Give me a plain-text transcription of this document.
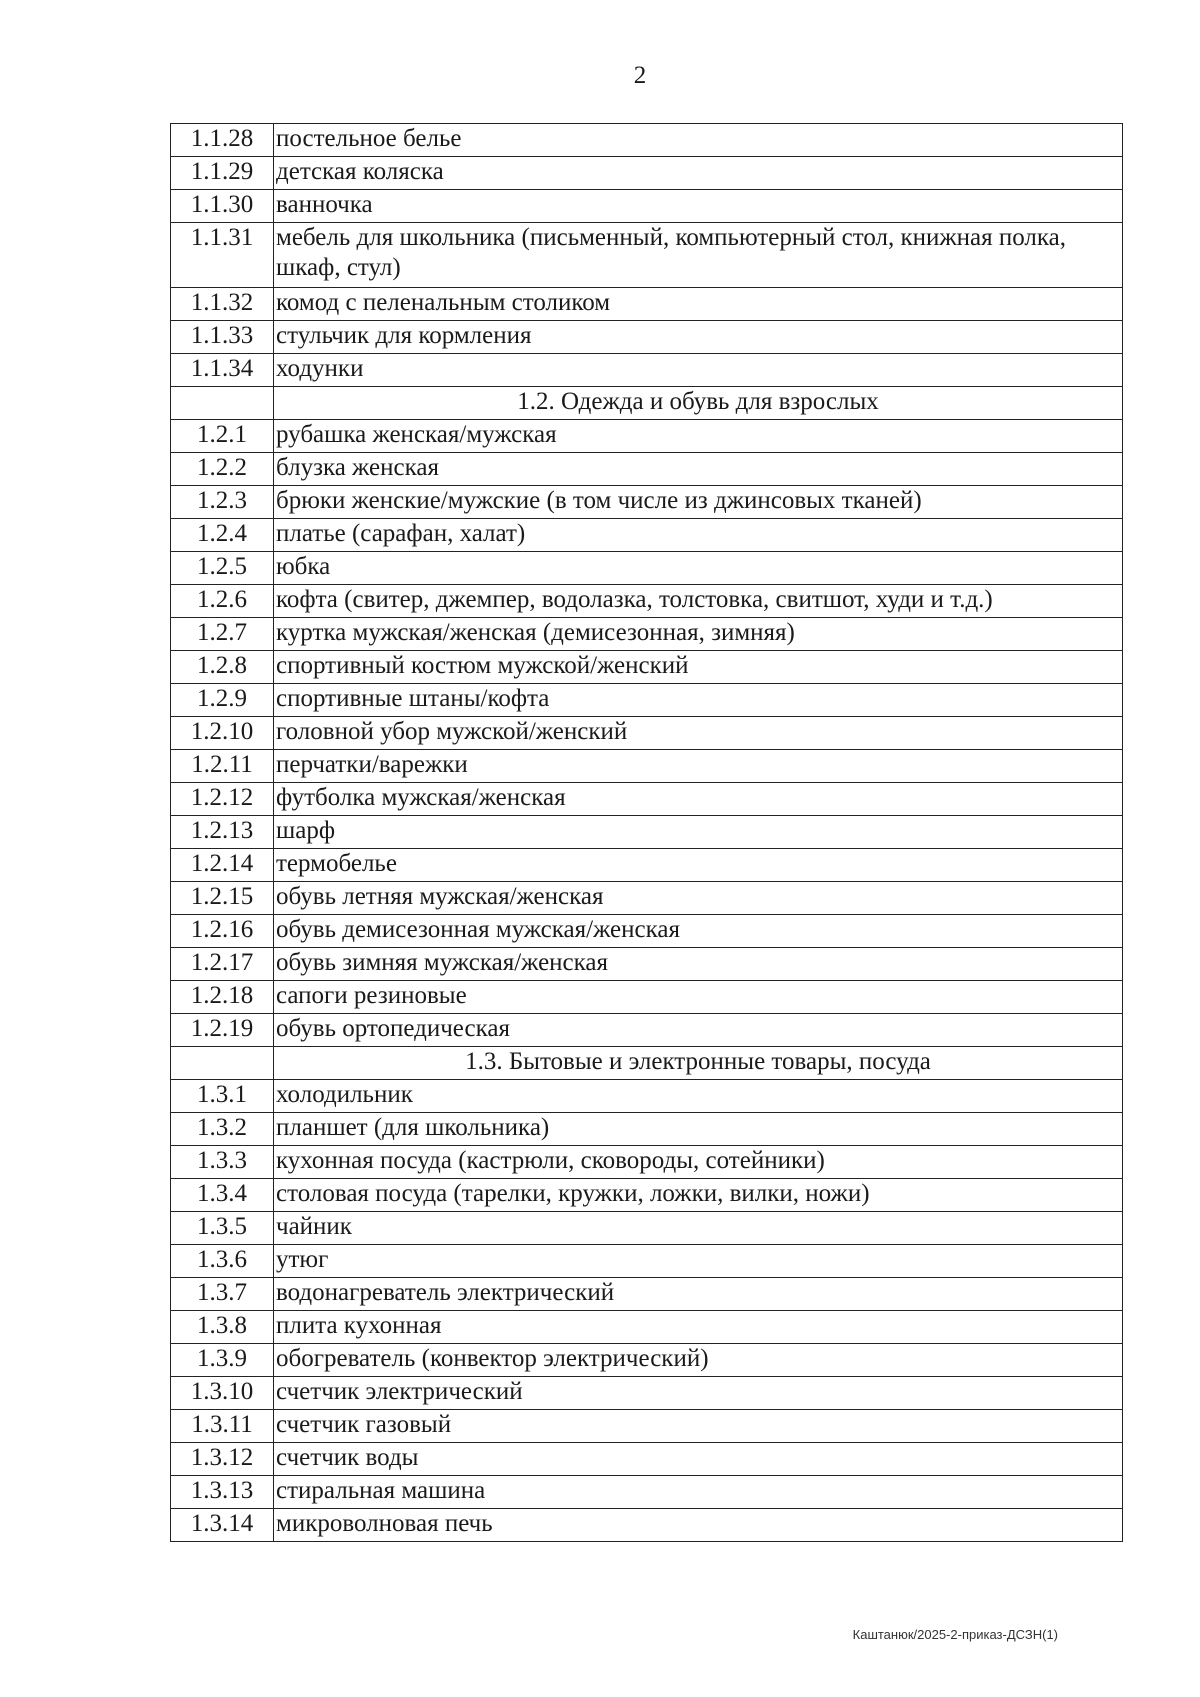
2
1.1.28	постельное белье
1.1.29	детская коляска
1.1.30	ванночка
1.1.31	мебель для школьника (письменный, компьютерный стол, книжная полка, шкаф, стул)
1.1.32	комод с пеленальным столиком
1.1.33	стульчик для кормления
1.1.34	ходунки
	1.2. Одежда и обувь для взрослых
1.2.1	рубашка женская/мужская
1.2.2	блузка женская
1.2.3	брюки женские/мужские (в том числе из джинсовых тканей)
1.2.4	платье (сарафан, халат)
1.2.5	юбка
1.2.6	кофта (свитер, джемпер, водолазка, толстовка, свитшот, худи и т.д.)
1.2.7	куртка мужская/женская (демисезонная, зимняя)
1.2.8	спортивный костюм мужской/женский
1.2.9	спортивные штаны/кофта
1.2.10	головной убор мужской/женский
1.2.11	перчатки/варежки
1.2.12	футболка мужская/женская
1.2.13	шарф
1.2.14	термобелье
1.2.15	обувь летняя мужская/женская
1.2.16	обувь демисезонная мужская/женская
1.2.17	обувь зимняя мужская/женская
1.2.18	сапоги резиновые
1.2.19	обувь ортопедическая
	1.3. Бытовые и электронные товары, посуда
1.3.1	холодильник
1.3.2	планшет (для школьника)
1.3.3	кухонная посуда (кастрюли, сковороды, сотейники)
1.3.4	столовая посуда (тарелки, кружки, ложки, вилки, ножи)
1.3.5	чайник
1.3.6	утюг
1.3.7	водонагреватель электрический
1.3.8	плита кухонная
1.3.9	обогреватель (конвектор электрический)
1.3.10	счетчик электрический
1.3.11	счетчик газовый
1.3.12	счетчик воды
1.3.13	стиральная машина
1.3.14	микроволновая печь
Каштанюк/2025-2-приказ-ДСЗН(1)
